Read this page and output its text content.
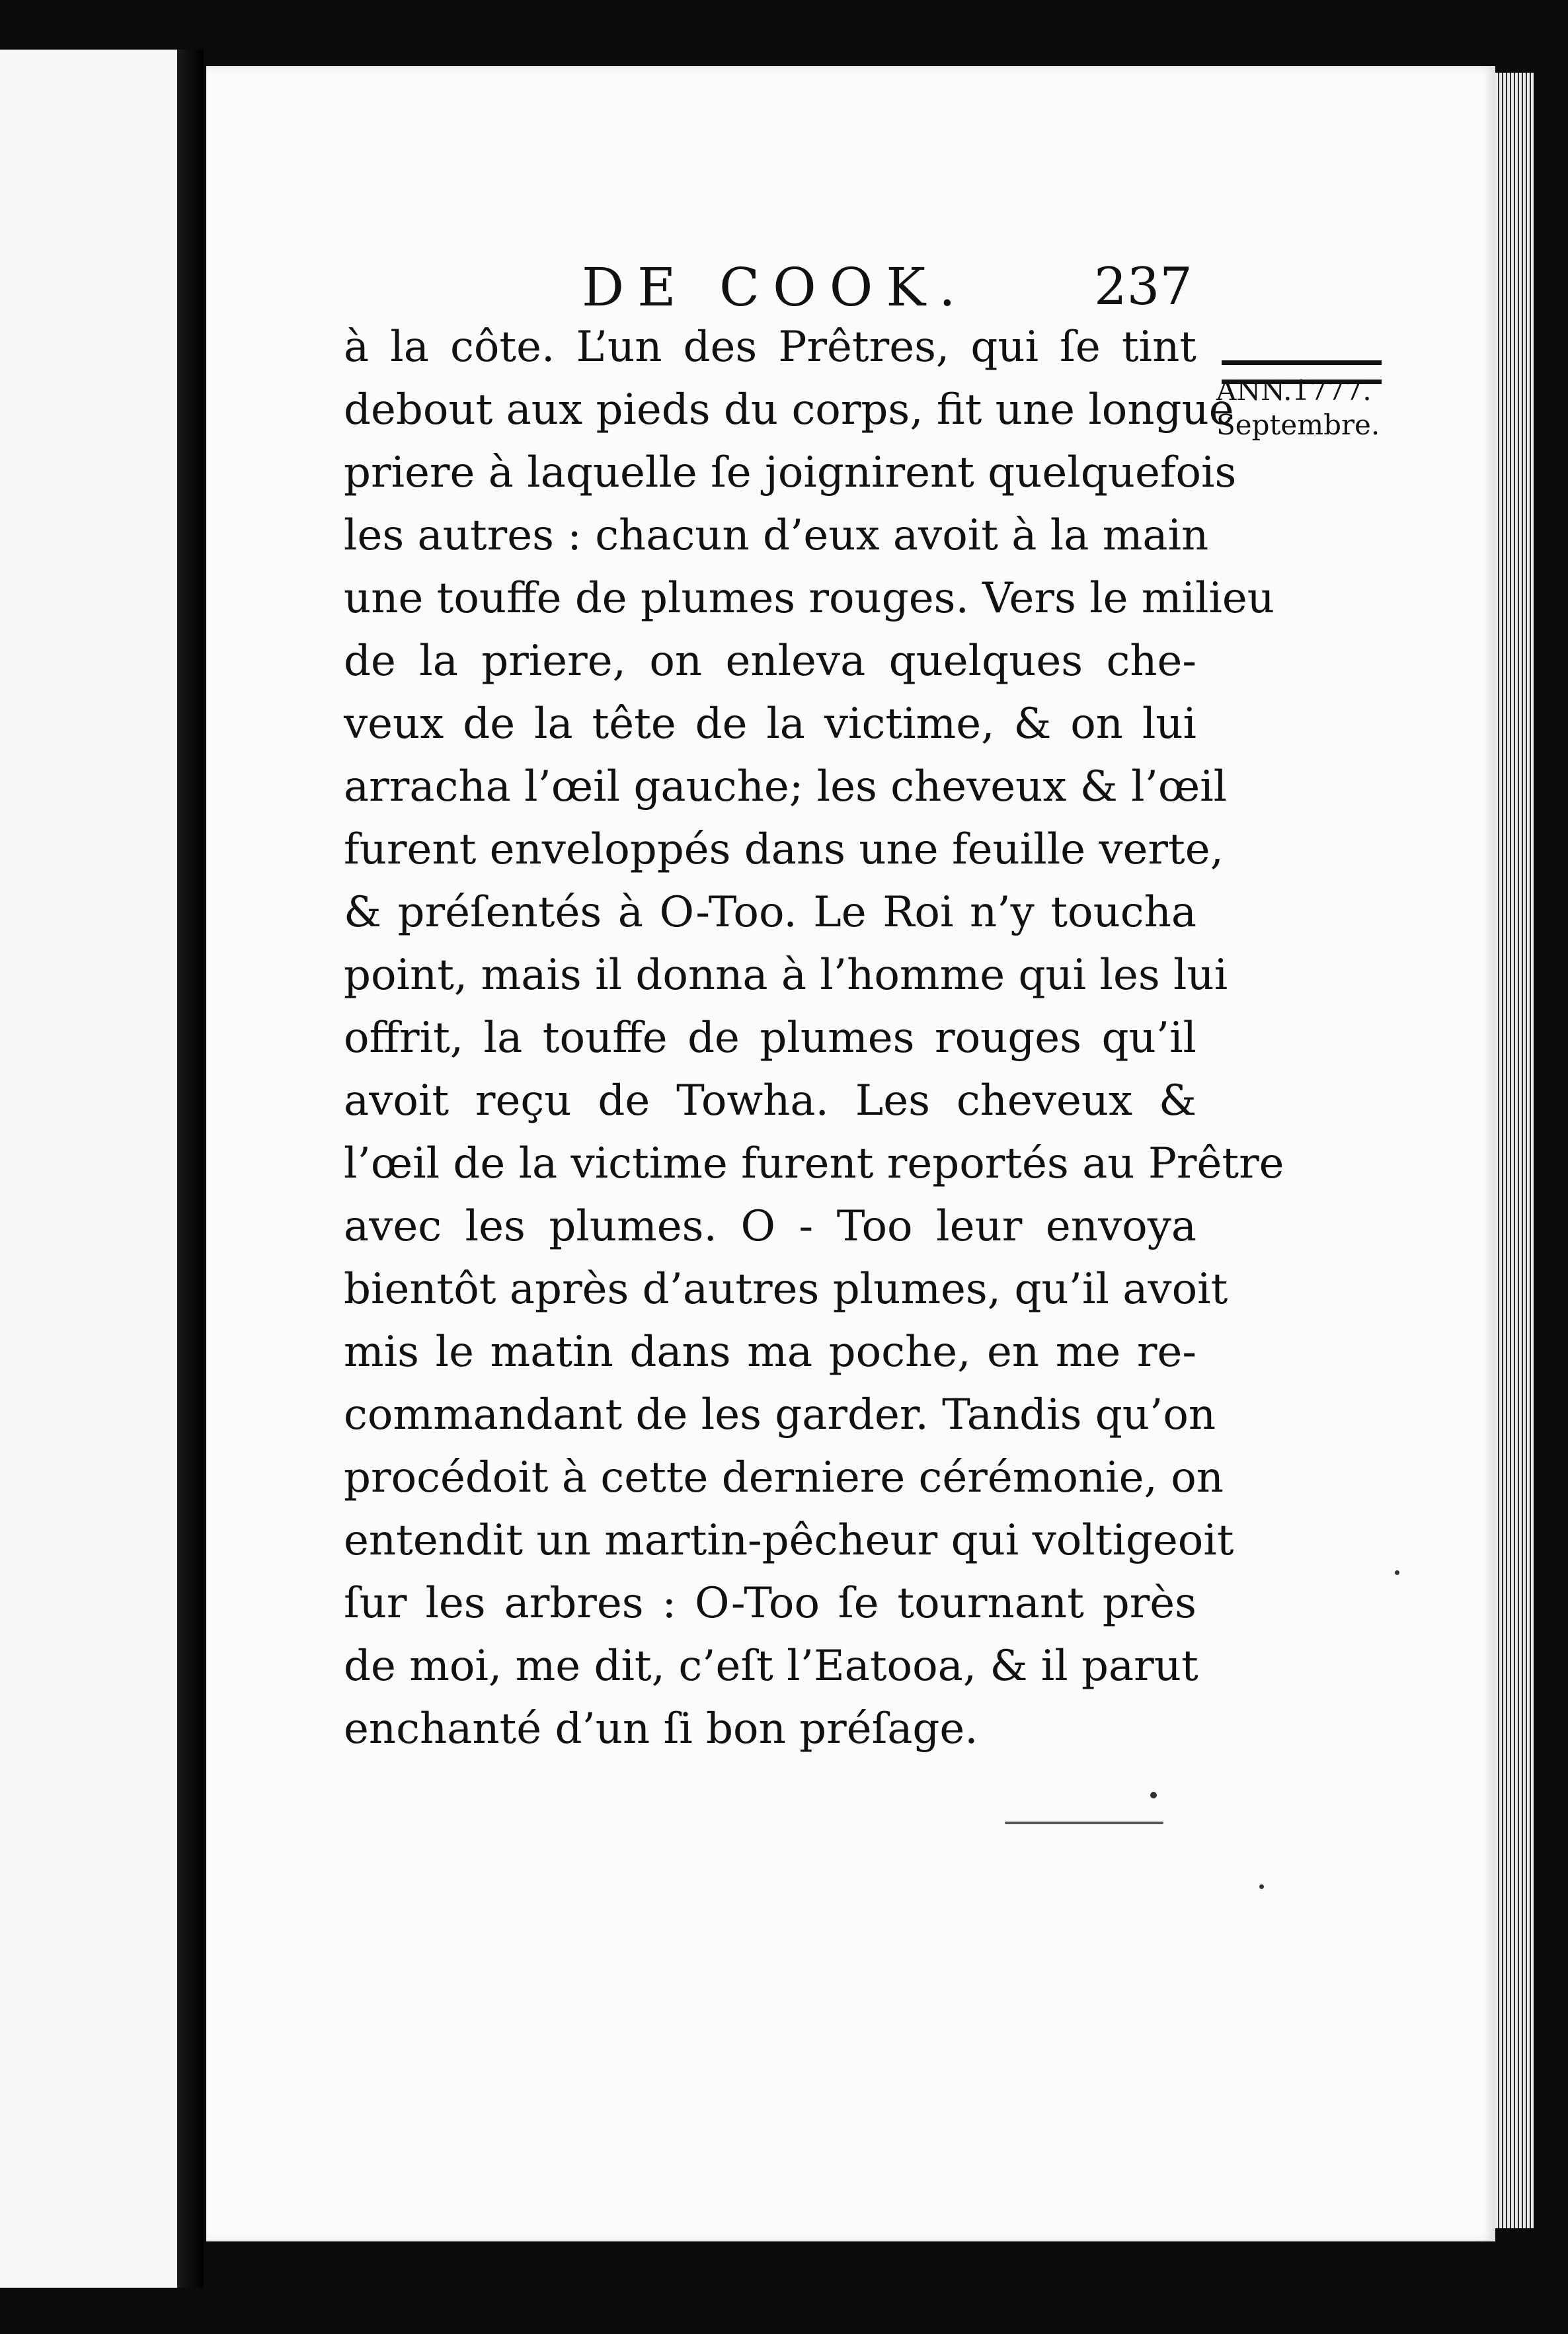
DE COOK. 237
ANN.1777.
Septembre.
à la côte. L’un des Prêtres, qui ſe tint
debout aux pieds du corps, fit une longue
priere à laquelle ſe joignirent quelquefois
les autres : chacun d’eux avoit à la main
une touffe de plumes rouges. Vers le milieu
de la priere, on enleva quelques che-
veux de la tête de la victime, & on lui
arracha l’œil gauche; les cheveux & l’œil
furent enveloppés dans une feuille verte,
& préſentés à O-Too. Le Roi n’y toucha
point, mais il donna à l’homme qui les lui
offrit, la touffe de plumes rouges qu’il
avoit reçu de Towha. Les cheveux &
l’œil de la victime furent reportés au Prêtre
avec les plumes. O - Too leur envoya
bientôt après d’autres plumes, qu’il avoit
mis le matin dans ma poche, en me re-
commandant de les garder. Tandis qu’on
procédoit à cette derniere cérémonie, on
entendit un martin-pêcheur qui voltigeoit
ſur les arbres : O-Too ſe tournant près
de moi, me dit, c’eſt l’Eatooa, & il parut
enchanté d’un ſi bon préſage.
